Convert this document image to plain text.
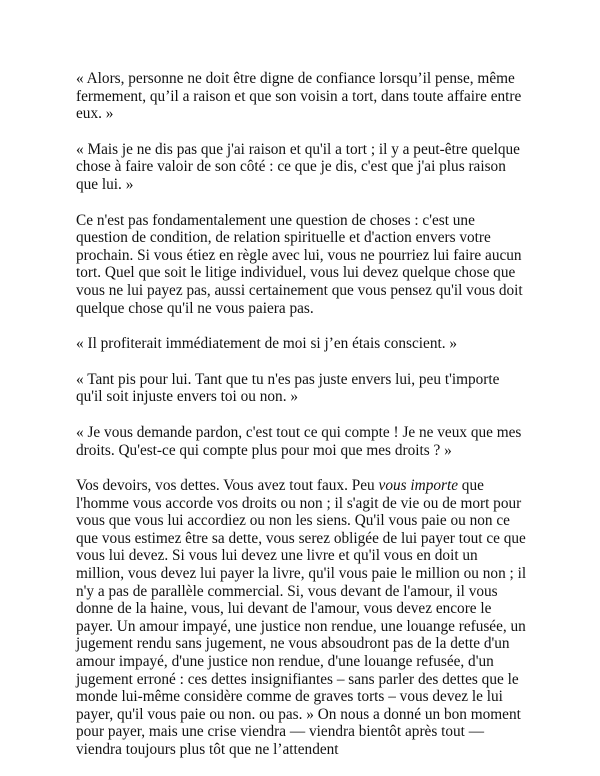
« Alors, personne ne doit être digne de confiance lorsqu’il pense, même fermement, qu’il a raison et que son voisin a tort, dans toute affaire entre eux. »

« Mais je ne dis pas que j'ai raison et qu'il a tort ; il y a peut-être quelque chose à faire valoir de son côté : ce que je dis, c'est que j'ai plus raison que lui. »

Ce n'est pas fondamentalement une question de choses : c'est une question de condition, de relation spirituelle et d'action envers votre prochain. Si vous étiez en règle avec lui, vous ne pourriez lui faire aucun tort. Quel que soit le litige individuel, vous lui devez quelque chose que vous ne lui payez pas, aussi certainement que vous pensez qu'il vous doit quelque chose qu'il ne vous paiera pas.

« Il profiterait immédiatement de moi si j’en étais conscient. »

« Tant pis pour lui. Tant que tu n'es pas juste envers lui, peu t'importe qu'il soit injuste envers toi ou non. »

« Je vous demande pardon, c'est tout ce qui compte ! Je ne veux que mes droits. Qu'est-ce qui compte plus pour moi que mes droits ? »

Vos devoirs, vos dettes. Vous avez tout faux. Peu vous importe que l'homme vous accorde vos droits ou non ; il s'agit de vie ou de mort pour vous que vous lui accordiez ou non les siens. Qu'il vous paie ou non ce que vous estimez être sa dette, vous serez obligée de lui payer tout ce que vous lui devez. Si vous lui devez une livre et qu'il vous en doit un million, vous devez lui payer la livre, qu'il vous paie le million ou non ; il n'y a pas de parallèle commercial. Si, vous devant de l'amour, il vous donne de la haine, vous, lui devant de l'amour, vous devez encore le payer. Un amour impayé, une justice non rendue, une louange refusée, un jugement rendu sans jugement, ne vous absoudront pas de la dette d'un amour impayé, d'une justice non rendue, d'une louange refusée, d'un jugement erroné : ces dettes insignifiantes – sans parler des dettes que le monde lui-même considère comme de graves torts – vous devez le lui payer, qu'il vous paie ou non. ou pas. » On nous a donné un bon moment pour payer, mais une crise viendra — viendra bientôt après tout — viendra toujours plus tôt que ne l’attendent
